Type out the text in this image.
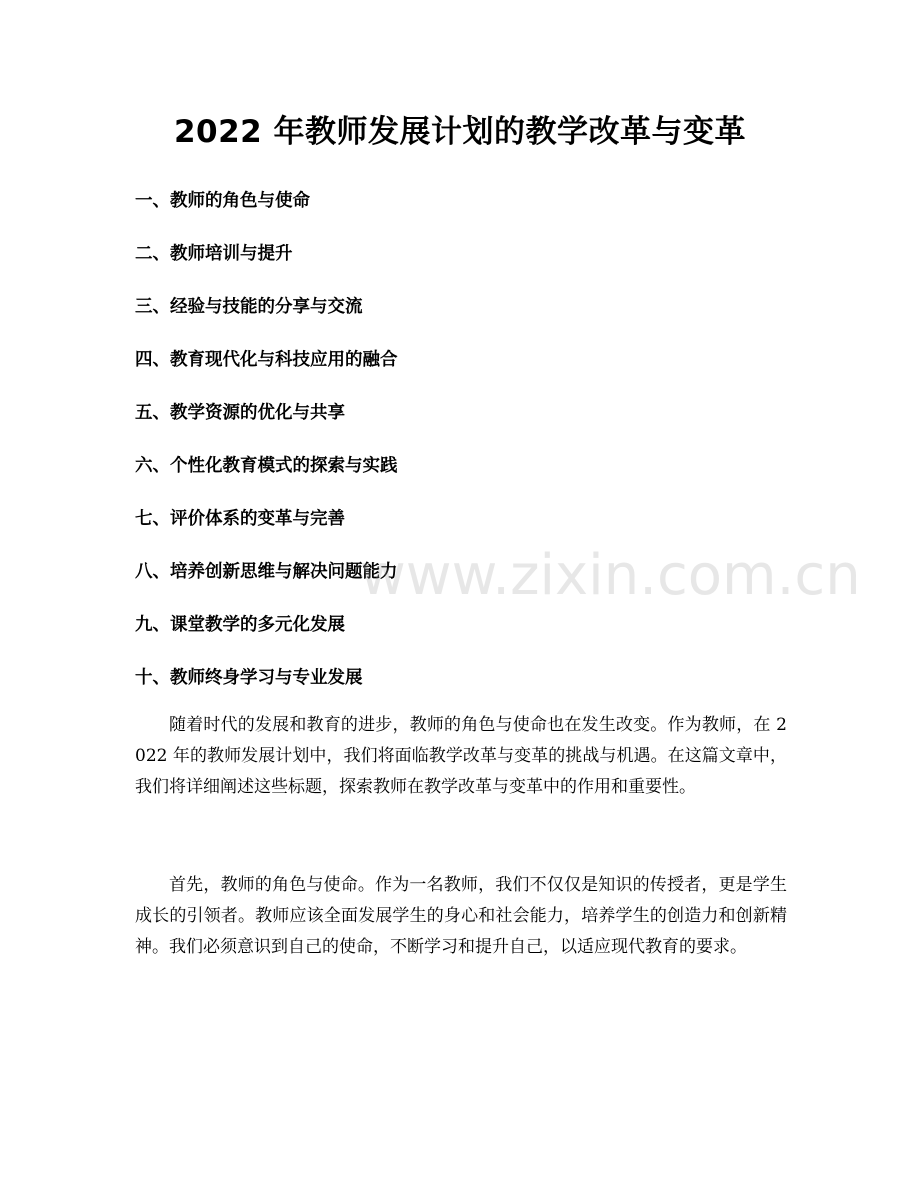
2022 年教师发展计划的教学改革与变革
一、教师的角色与使命
二、教师培训与提升
三、经验与技能的分享与交流
四、教育现代化与科技应用的融合
五、教学资源的优化与共享
六、个性化教育模式的探索与实践
七、评价体系的变革与完善
八、培养创新思维与解决问题能力
九、课堂教学的多元化发展
十、教师终身学习与专业发展

随着时代的发展和教育的进步，教师的角色与使命也在发生改变。作为教师，在 2022 年的教师发展计划中，我们将面临教学改革与变革的挑战与机遇。在这篇文章中，我们将详细阐述这些标题，探索教师在教学改革与变革中的作用和重要性。

首先，教师的角色与使命。作为一名教师，我们不仅仅是知识的传授者，更是学生成长的引领者。教师应该全面发展学生的身心和社会能力，培养学生的创造力和创新精神。我们必须意识到自己的使命，不断学习和提升自己，以适应现代教育的要求。

www.zixin.com.cn
